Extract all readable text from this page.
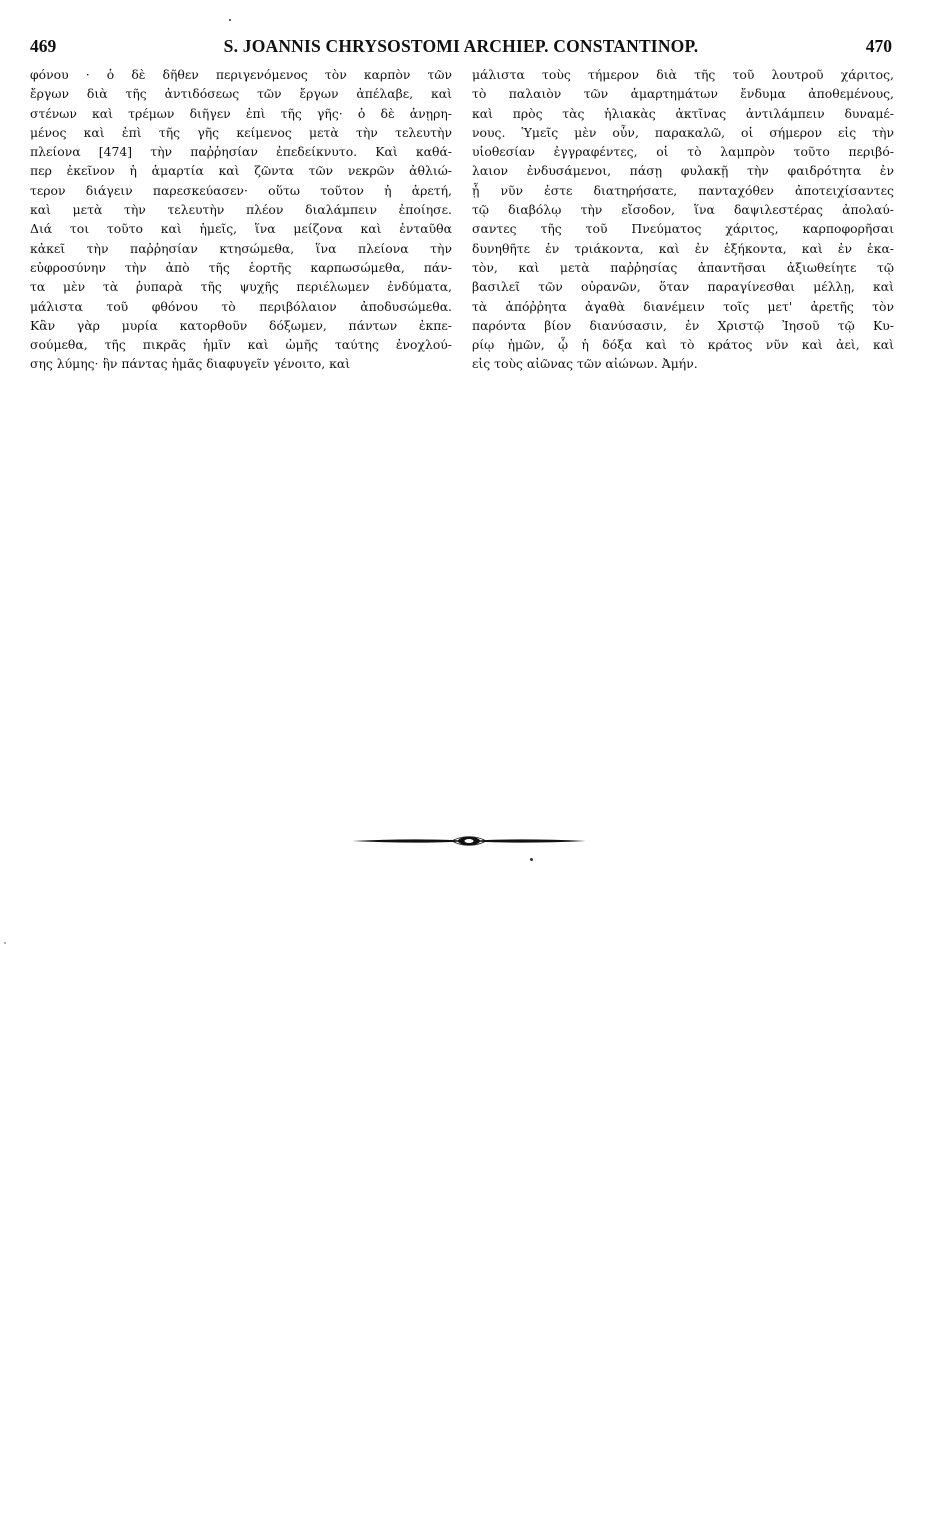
469	S. JOANNIS CHRYSOSTOMI ARCHIEP. CONSTANTINOP.	470
φόνου · ὁ δὲ δῆθεν περιγενόμενος τὸν καρπὸν τῶν
ἔργων διὰ τῆς ἀντιδόσεως τῶν ἔργων ἀπέλαβε, καὶ
στένων καὶ τρέμων διῆγεν ἐπὶ τῆς γῆς· ὁ δὲ ἀνῃρη-
μένος καὶ ἐπὶ τῆς γῆς κείμενος μετὰ τὴν τελευτὴν
πλείονα [474] τὴν παῤῥησίαν ἐπεδείκνυτο. Καὶ καθά-
περ ἐκεῖνον ἡ ἁμαρτία καὶ ζῶντα τῶν νεκρῶν ἀθλιώ-
τερον διάγειν παρεσκεύασεν· οὕτω τοῦτον ἡ ἀρετή,
καὶ μετὰ τὴν τελευτὴν πλέον διαλάμπειν ἐποίησε.
Διά τοι τοῦτο καὶ ἡμεῖς, ἵνα μείζονα καὶ ἐνταῦθα
κἀκεῖ τὴν παῤῥησίαν κτησώμεθα, ἵνα πλείονα τὴν
εὐφροσύνην τὴν ἀπὸ τῆς ἑορτῆς καρπωσώμεθα, πάν-
τα μὲν τὰ ῥυπαρὰ τῆς ψυχῆς περιέλωμεν ἐνδύματα,
μάλιστα τοῦ φθόνου τὸ περιβόλαιον ἀποδυσώμεθα.
Κἂν γὰρ μυρία κατορθοῦν δόξωμεν, πάντων ἐκπε-
σούμεθα, τῆς πικρᾶς ἡμῖν καὶ ὠμῆς ταύτης ἐνοχλού-
σης λύμης· ἣν πάντας ἡμᾶς διαφυγεῖν γένοιτο, καὶ
μάλιστα τοὺς τήμερον διὰ τῆς τοῦ λουτροῦ χάριτος,
τὸ παλαιὸν τῶν ἁμαρτημάτων ἔνδυμα ἀποθεμένους,
καὶ πρὸς τὰς ἡλιακὰς ἀκτῖνας ἀντιλάμπειν δυναμέ-
νους. Ὑμεῖς μὲν οὖν, παρακαλῶ, οἱ σήμερον εἰς τὴν
υἱοθεσίαν ἐγγραφέντες, οἱ τὸ λαμπρὸν τοῦτο περιβό-
λαιον ἐνδυσάμενοι, πάσῃ φυλακῇ τὴν φαιδρότητα ἐν
ᾗ νῦν ἐστε διατηρήσατε, πανταχόθεν ἀποτειχίσαντες
τῷ διαβόλῳ τὴν εἴσοδον, ἵνα δαψιλεστέρας ἀπολαύ-
σαντες τῆς τοῦ Πνεύματος χάριτος, καρποφορῆσαι
δυνηθῆτε ἐν τριάκοντα, καὶ ἐν ἑξήκοντα, καὶ ἐν ἑκα-
τὸν, καὶ μετὰ παῤῥησίας ἀπαντῆσαι ἀξιωθείητε τῷ
βασιλεῖ τῶν οὐρανῶν, ὅταν παραγίνεσθαι μέλλῃ, καὶ
τὰ ἀπόῤῥητα ἀγαθὰ διανέμειν τοῖς μετ' ἀρετῆς τὸν
παρόντα βίον διανύσασιν, ἐν Χριστῷ Ἰησοῦ τῷ Κυ-
ρίῳ ἡμῶν, ᾧ ἡ δόξα καὶ τὸ κράτος νῦν καὶ ἀεὶ, καὶ
εἰς τοὺς αἰῶνας τῶν αἰώνων. Ἀμήν.
